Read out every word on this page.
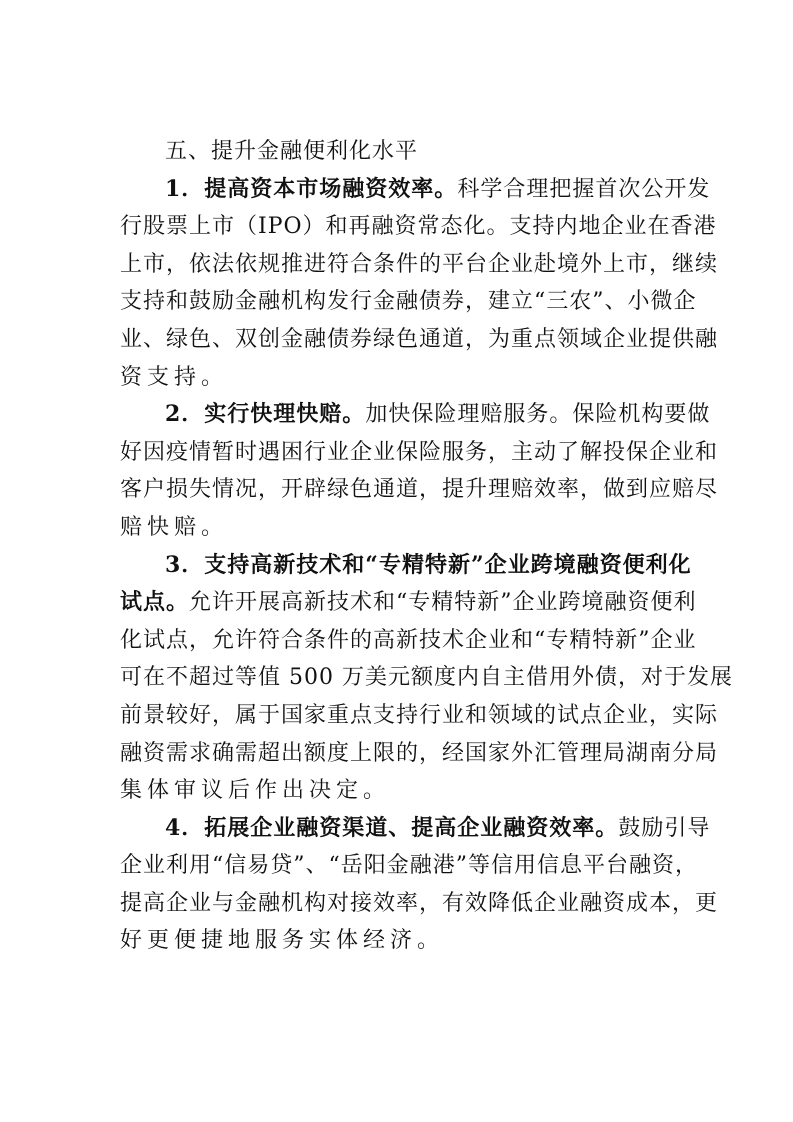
五、提升金融便利化水平
1．提高资本市场融资效率。科学合理把握首次公开发
行股票上市（IPO）和再融资常态化。支持内地企业在香港
上市，依法依规推进符合条件的平台企业赴境外上市，继续
支持和鼓励金融机构发行金融债券，建立“三农”、小微企
业、绿色、双创金融债券绿色通道，为重点领域企业提供融
资支持。
2．实行快理快赔。加快保险理赔服务。保险机构要做
好因疫情暂时遇困行业企业保险服务，主动了解投保企业和
客户损失情况，开辟绿色通道，提升理赔效率，做到应赔尽
赔快赔。
3．支持高新技术和“专精特新”企业跨境融资便利化
试点。允许开展高新技术和“专精特新”企业跨境融资便利
化试点，允许符合条件的高新技术企业和“专精特新”企业
可在不超过等值 500 万美元额度内自主借用外债，对于发展
前景较好，属于国家重点支持行业和领域的试点企业，实际
融资需求确需超出额度上限的，经国家外汇管理局湖南分局
集体审议后作出决定。
4．拓展企业融资渠道、提高企业融资效率。鼓励引导
企业利用“信易贷”、“岳阳金融港”等信用信息平台融资，
提高企业与金融机构对接效率，有效降低企业融资成本，更
好更便捷地服务实体经济。
